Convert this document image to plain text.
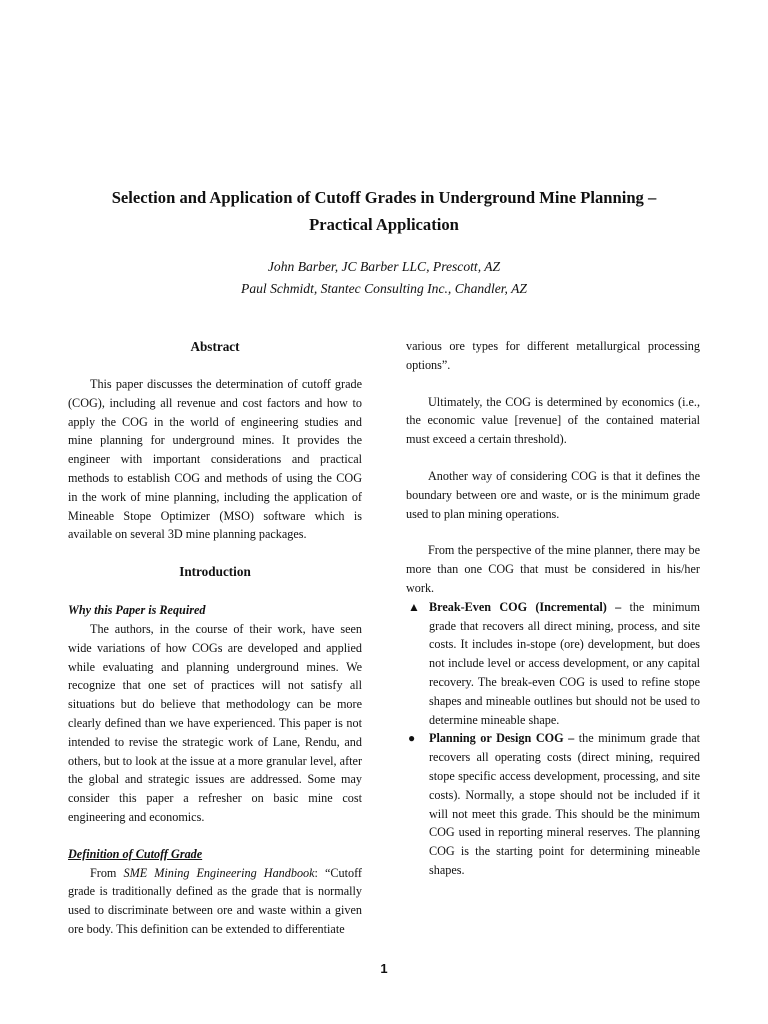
Selection and Application of Cutoff Grades in Underground Mine Planning –
Practical Application
John Barber, JC Barber LLC, Prescott, AZ
Paul Schmidt, Stantec Consulting Inc., Chandler, AZ
Abstract

This paper discusses the determination of cutoff grade (COG), including all revenue and cost factors and how to apply the COG in the world of engineering studies and mine planning for underground mines. It provides the engineer with important considerations and practical methods to establish COG and methods of using the COG in the work of mine planning, including the application of Mineable Stope Optimizer (MSO) software which is available on several 3D mine planning packages.

Introduction
Why this Paper is Required

The authors, in the course of their work, have seen wide variations of how COGs are developed and applied while evaluating and planning underground mines. We recognize that one set of practices will not satisfy all situations but do believe that methodology can be more clearly defined than we have experienced. This paper is not intended to revise the strategic work of Lane, Rendu, and others, but to look at the issue at a more granular level, after the global and strategic issues are addressed. Some may consider this paper a refresher on basic mine cost engineering and economics.

Definition of Cutoff Grade

From SME Mining Engineering Handbook: “Cutoff grade is traditionally defined as the grade that is normally used to discriminate between ore and waste within a given ore body. This definition can be extended to differentiate

various ore types for different metallurgical processing options”.

Ultimately, the COG is determined by economics (i.e., the economic value [revenue] of the contained material must exceed a certain threshold).

Another way of considering COG is that it defines the boundary between ore and waste, or is the minimum grade used to plan mining operations.

From the perspective of the mine planner, there may be more than one COG that must be considered in his/her work.

▲ Break-Even COG (Incremental) – the minimum grade that recovers all direct mining, process, and site costs. It includes in-stope (ore) development, but does not include level or access development, or any capital recovery. The break-even COG is used to refine stope shapes and mineable outlines but should not be used to determine mineable shape.
● Planning or Design COG – the minimum grade that recovers all operating costs (direct mining, required stope specific access development, processing, and site costs). Normally, a stope should not be included if it will not meet this grade. This should be the minimum COG used in reporting mineral reserves. The planning COG is the starting point for determining mineable shapes.
1
